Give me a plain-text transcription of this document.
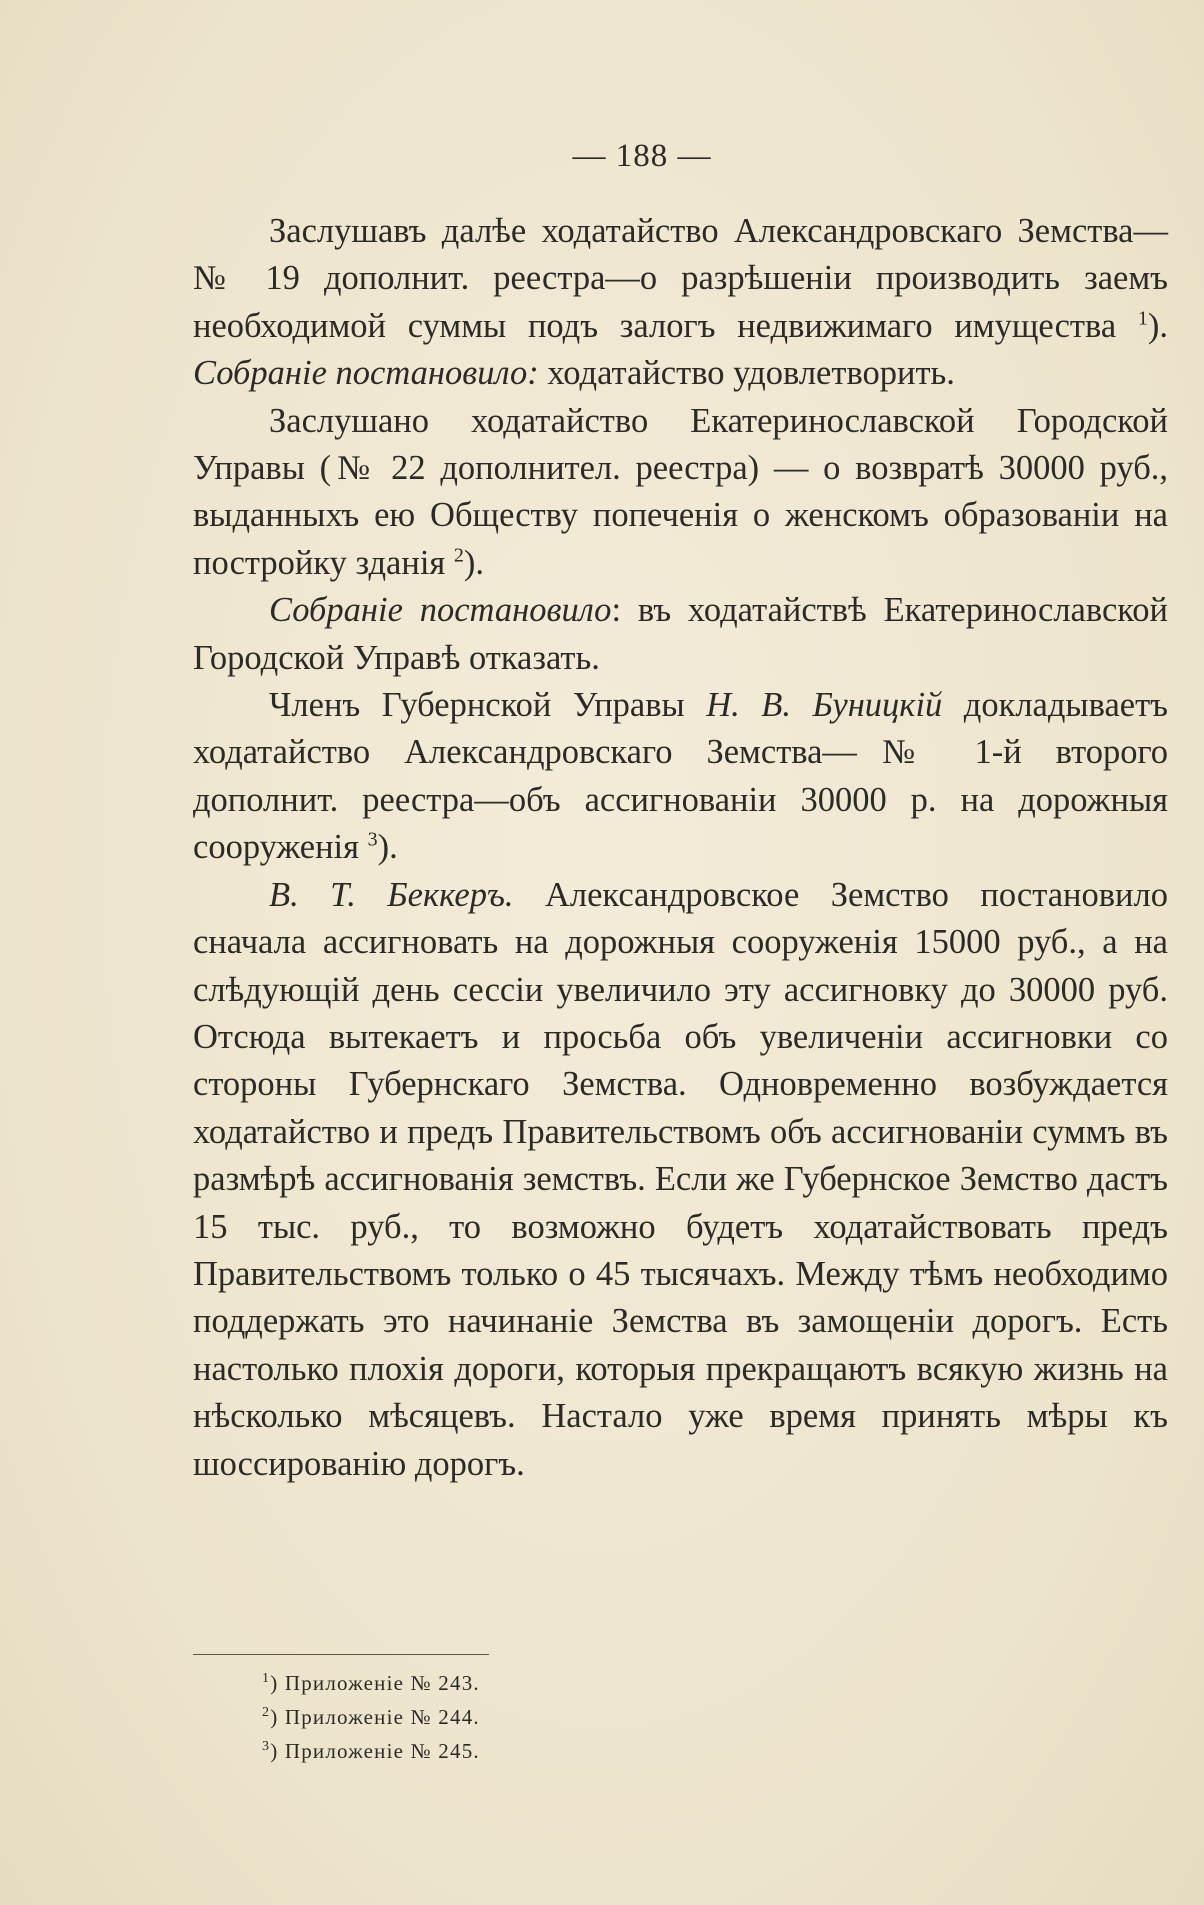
— 188 —

Заслушавъ далѣе ходатайство Александровскаго Земства—№ 19 дополнит. реестра—о разрѣшеніи производить заемъ необходимой суммы подъ залогъ недвижимаго имущества $^1$). Собраніе постановило: ходатайство удовлетворить.

Заслушано ходатайство Екатеринославской Городской Управы (№ 22 дополнител. реестра) — о возвратѣ 30000 руб., выданныхъ ею Обществу попеченія о женскомъ образованіи на постройку зданія $^2$).

Собраніе постановило: въ ходатайствѣ Екатеринославской Городской Управѣ отказать.

Членъ Губернской Управы Н. В. Буницкій докладываетъ ходатайство Александровскаго Земства—№ 1-й второго дополнит. реестра—объ ассигнованіи 30000 р. на дорожныя сооруженія $^3$).

В. Т. Беккеръ. Александровское Земство постановило сначала ассигновать на дорожныя сооруженія 15000 руб., а на слѣдующій день сессіи увеличило эту ассигновку до 30000 руб. Отсюда вытекаетъ и просьба объ увеличеніи ассигновки со стороны Губернскаго Земства. Одновременно возбуждается ходатайство и предъ Правительствомъ объ ассигнованіи суммъ въ размѣрѣ ассигнованія земствъ. Если же Губернское Земство дастъ 15 тыс. руб., то возможно будетъ ходатайствовать предъ Правительствомъ только о 45 тысячахъ. Между тѣмъ необходимо поддержать это начинаніе Земства въ замощеніи дорогъ. Есть настолько плохія дороги, которыя прекращаютъ всякую жизнь на нѣсколько мѣсяцевъ. Настало уже время принять мѣры къ шоссированію дорогъ.

$^1$) Приложеніе № 243.

$^2$) Приложеніе № 244.

$^3$) Приложеніе № 245.
